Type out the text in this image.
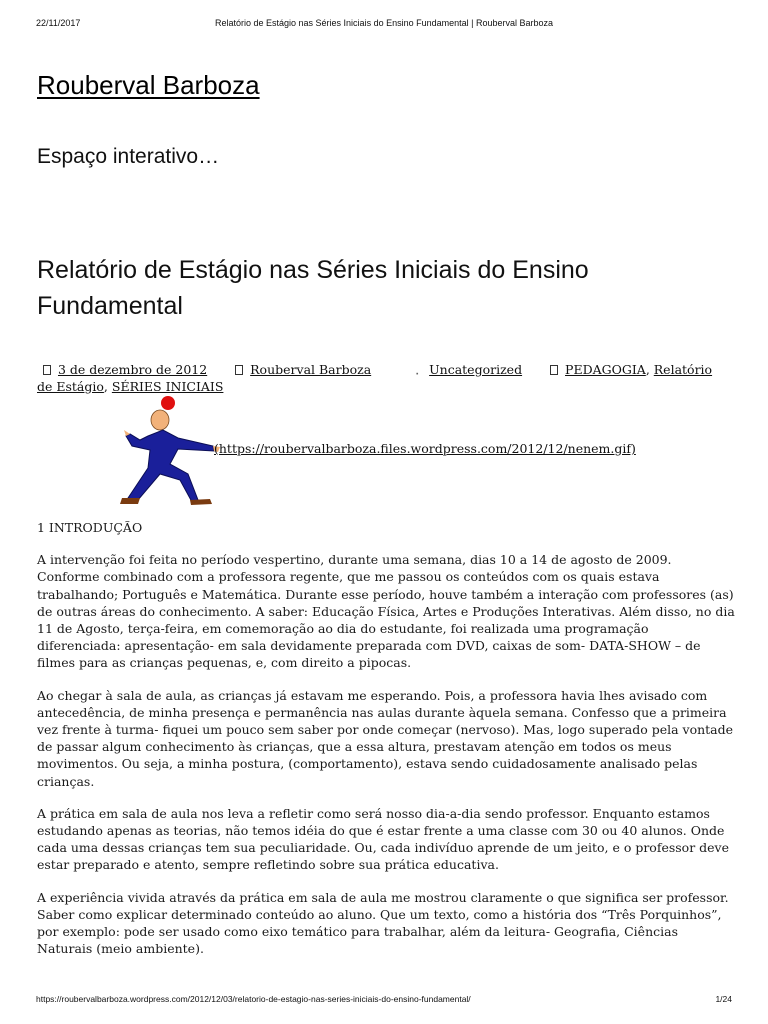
22/11/2017	Relatório de Estágio nas Séries Iniciais do Ensino Fundamental | Rouberval Barboza
Rouberval Barboza

Espaço interativo…

Relatório de Estágio nas Séries Iniciais do Ensino Fundamental
3 de dezembro de 2012	Rouberval Barboza	Uncategorized	PEDAGOGIA, Relatório de Estágio, SÉRIES INICIAIS
(https://roubervalbarboza.files.wordpress.com/2012/12/nenem.gif)
1 INTRODUÇÃO

A intervenção foi feita no período vespertino, durante uma semana, dias 10 a 14 de agosto de 2009. Conforme combinado com a professora regente, que me passou os conteúdos com os quais estava trabalhando; Português e Matemática. Durante esse período, houve também a interação com professores (as) de outras áreas do conhecimento. A saber: Educação Física, Artes e Produções Interativas. Além disso, no dia 11 de Agosto, terça-feira, em comemoração ao dia do estudante, foi realizada uma programação diferenciada: apresentação- em sala devidamente preparada com DVD, caixas de som- DATA-SHOW – de filmes para as crianças pequenas, e, com direito a pipocas.

Ao chegar à sala de aula, as crianças já estavam me esperando. Pois, a professora havia lhes avisado com antecedência, de minha presença e permanência nas aulas durante àquela semana. Confesso que a primeira vez frente à turma- fiquei um pouco sem saber por onde começar (nervoso). Mas, logo superado pela vontade de passar algum conhecimento às crianças, que a essa altura, prestavam atenção em todos os meus movimentos. Ou seja, a minha postura, (comportamento), estava sendo cuidadosamente analisado pelas crianças.

A prática em sala de aula nos leva a refletir como será nosso dia-a-dia sendo professor. Enquanto estamos estudando apenas as teorias, não temos idéia do que é estar frente a uma classe com 30 ou 40 alunos. Onde cada uma dessas crianças tem sua peculiaridade. Ou, cada indivíduo aprende de um jeito, e o professor deve estar preparado e atento, sempre refletindo sobre sua prática educativa.

A experiência vivida através da prática em sala de aula me mostrou claramente o que significa ser professor. Saber como explicar determinado conteúdo ao aluno. Que um texto, como a história dos “Três Porquinhos”, por exemplo: pode ser usado como eixo temático para trabalhar, além da leitura- Geografia, Ciências Naturais (meio ambiente).

https://roubervalbarboza.wordpress.com/2012/12/03/relatorio-de-estagio-nas-series-iniciais-do-ensino-fundamental/	1/24
